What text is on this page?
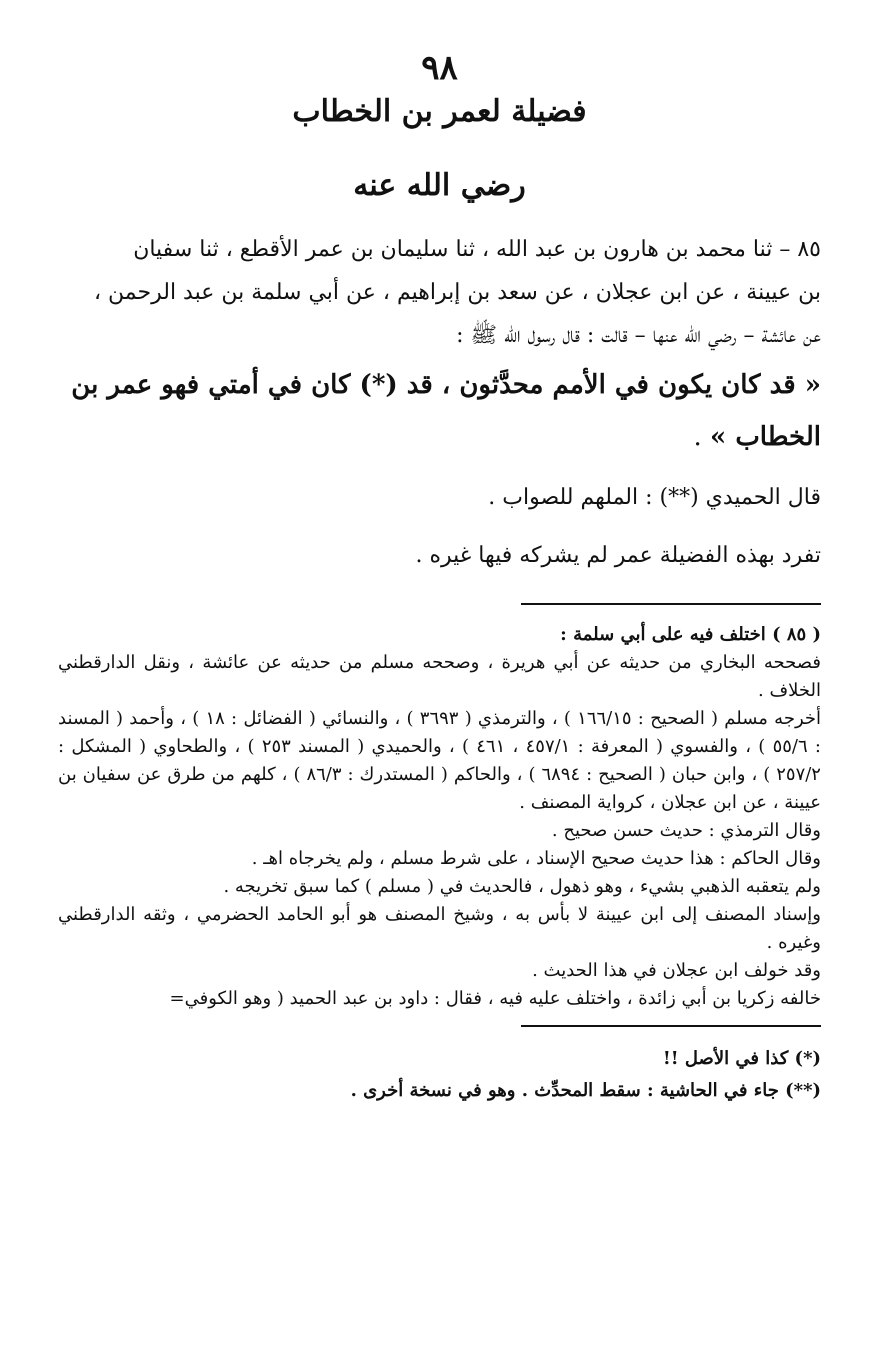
٩٨
فضيلة لعمر بن الخطاب
رضي الله عنه

٨٥ – ثنا محمد بن هارون بن عبد الله ، ثنا سليمان بن عمر الأقطع ، ثنا سفيان

بن عيينة ، عن ابن عجلان ، عن سعد بن إبراهيم ، عن أبي سلمة بن عبد الرحمن ،

عن عائشة – رضي الله عنها – قالت : قال رسول الله ﷺ :

« قد كان يكون في الأمم محدَّثون ، قد (*) كان في أمتي فهو عمر بن الخطاب » .

قال الحميدي (**) : الملهم للصواب .

تفرد بهذه الفضيلة عمر لم يشركه فيها غيره .

( ٨٥ ) اختلف فيه على أبي سلمة :

فصححه البخاري من حديثه عن أبي هريرة ، وصححه مسلم من حديثه عن عائشة ، ونقل الدارقطني الخلاف .

أخرجه مسلم ( الصحيح : ١٦٦/١٥ ) ، والترمذي ( ٣٦٩٣ ) ، والنسائي ( الفضائل : ١٨ ) ، وأحمد ( المسند : ٥٥/٦ ) ، والفسوي ( المعرفة : ٤٥٧/١ ، ٤٦١ ) ، والحميدي ( المسند ٢٥٣ ) ، والطحاوي ( المشكل : ٢٥٧/٢ ) ، وابن حبان ( الصحيح : ٦٨٩٤ ) ، والحاكم ( المستدرك : ٨٦/٣ ) ، كلهم من طرق عن سفيان بن عيينة ، عن ابن عجلان ، كرواية المصنف .

وقال الترمذي : حديث حسن صحيح .

وقال الحاكم : هذا حديث صحيح الإسناد ، على شرط مسلم ، ولم يخرجاه اهـ .

ولم يتعقبه الذهبي بشيء ، وهو ذهول ، فالحديث في ( مسلم ) كما سبق تخريجه .

وإسناد المصنف إلى ابن عيينة لا بأس به ، وشيخ المصنف هو أبو الحامد الحضرمي ، وثقه الدارقطني وغيره .

وقد خولف ابن عجلان في هذا الحديث .

خالفه زكريا بن أبي زائدة ، واختلف عليه فيه ، فقال : داود بن عبد الحميد ( وهو الكوفي=

(*) كذا في الأصل !!

(**) جاء في الحاشية : سقط المحدِّث . وهو في نسخة أخرى .
